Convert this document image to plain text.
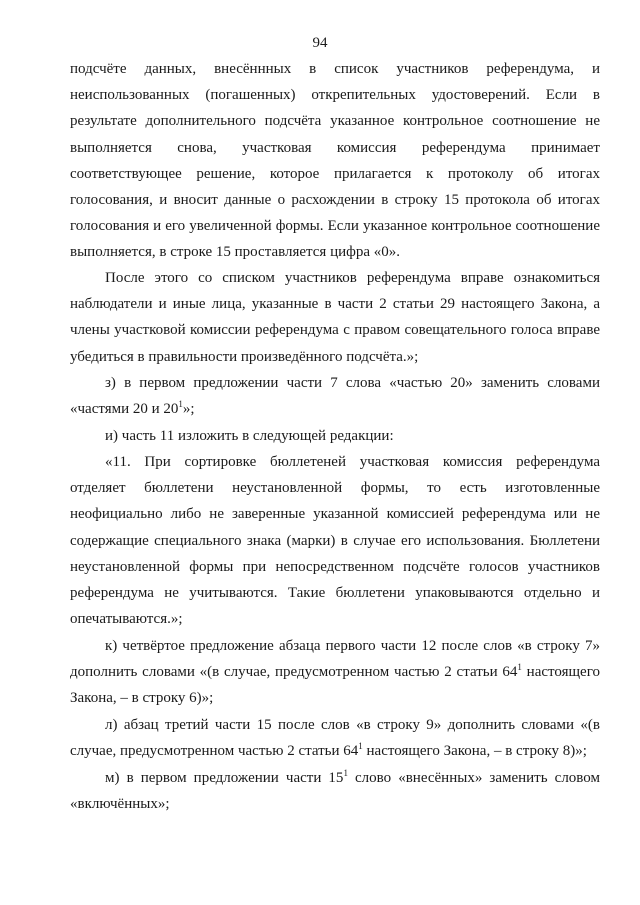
94
подсчёте данных, внесённных в список участников референдума, и
неиспользованных (погашенных) открепительных удостоверений. Если в
результате дополнительного подсчёта указанное контрольное соотношение не
выполняется снова, участковая комиссия референдума принимает
соответствующее решение, которое прилагается к протоколу об итогах
голосования, и вносит данные о расхождении в строку 15 протокола об итогах
голосования и его увеличенной формы. Если указанное контрольное соотношение
выполняется, в строке 15 проставляется цифра «0».
После этого со списком участников референдума вправе ознакомиться
наблюдатели и иные лица, указанные в части 2 статьи 29 настоящего Закона, а
члены участковой комиссии референдума с правом совещательного голоса вправе
убедиться в правильности произведённого подсчёта.»;
з) в первом предложении части 7 слова «частью 20» заменить словами
«частями 20 и $20^1$»;
и) часть 11 изложить в следующей редакции:
«11. При сортировке бюллетеней участковая комиссия референдума
отделяет бюллетени неустановленной формы, то есть изготовленные
неофициально либо не заверенные указанной комиссией референдума или не
содержащие специального знака (марки) в случае его использования. Бюллетени
неустановленной формы при непосредственном подсчёте голосов участников
референдума не учитываются. Такие бюллетени упаковываются отдельно и
опечатываются.»;
к) четвёртое предложение абзаца первого части 12 после слов «в строку 7»
дополнить словами «(в случае, предусмотренном частью 2 статьи $64^1$ настоящего
Закона, – в строку 6)»;
л) абзац третий части 15 после слов «в строку 9» дополнить словами «(в
случае, предусмотренном частью 2 статьи $64^1$ настоящего Закона, – в строку 8)»;
м) в первом предложении части $15^1$ слово «внесённых» заменить словом
«включённых»;
